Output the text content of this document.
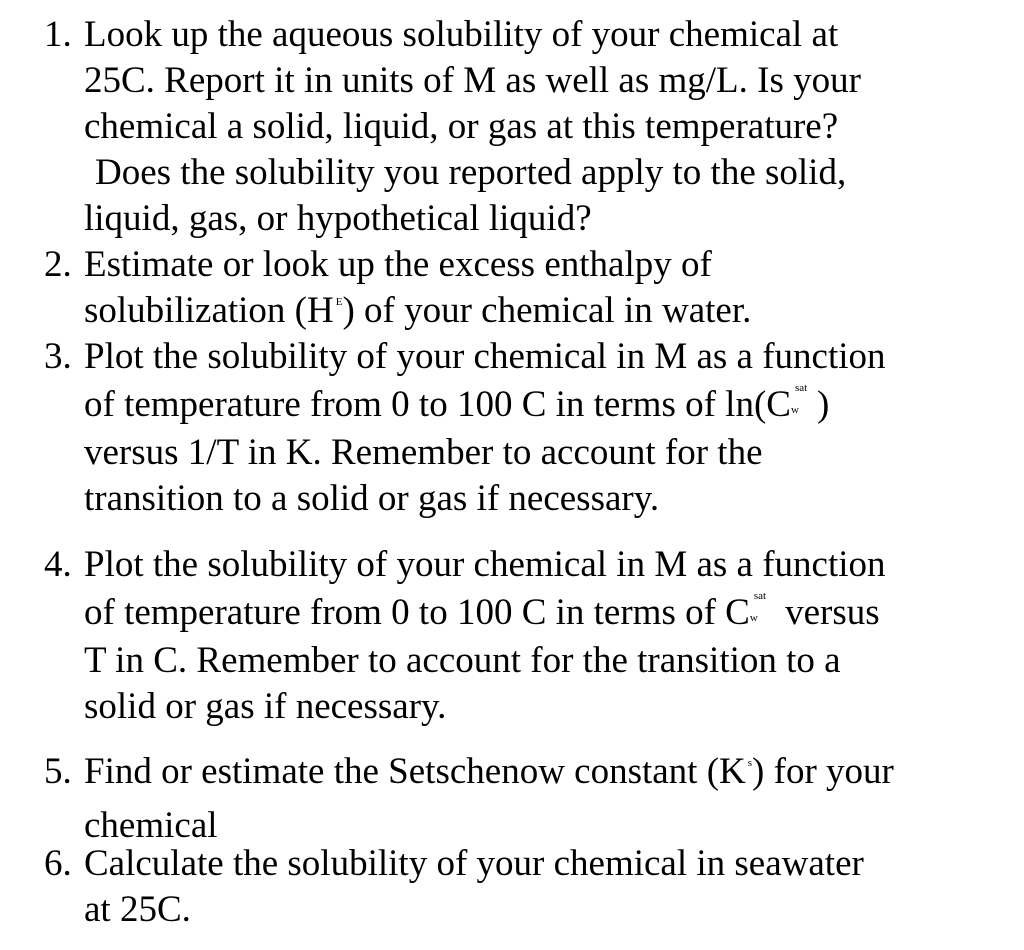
1. Look up the aqueous solubility of your chemical at
25C. Report it in units of M as well as mg/L. Is your
chemical a solid, liquid, or gas at this temperature?
Does the solubility you reported apply to the solid,
liquid, gas, or hypothetical liquid?
2. Estimate or look up the excess enthalpy of
solubilization (H $^E$) of your chemical in water.
3. Plot the solubility of your chemical in M as a function
of temperature from 0 to 100 C in terms of ln(C sat
w )
versus 1/T in K. Remember to account for the
transition to a solid or gas if necessary.
4. Plot the solubility of your chemical in M as a function
of temperature from 0 to 100 C in terms of C sat
w versus
T in C. Remember to account for the transition to a
solid or gas if necessary.
5. Find or estimate the Setschenow constant (K $^s$) for your
chemical
6. Calculate the solubility of your chemical in seawater
at 25C.
